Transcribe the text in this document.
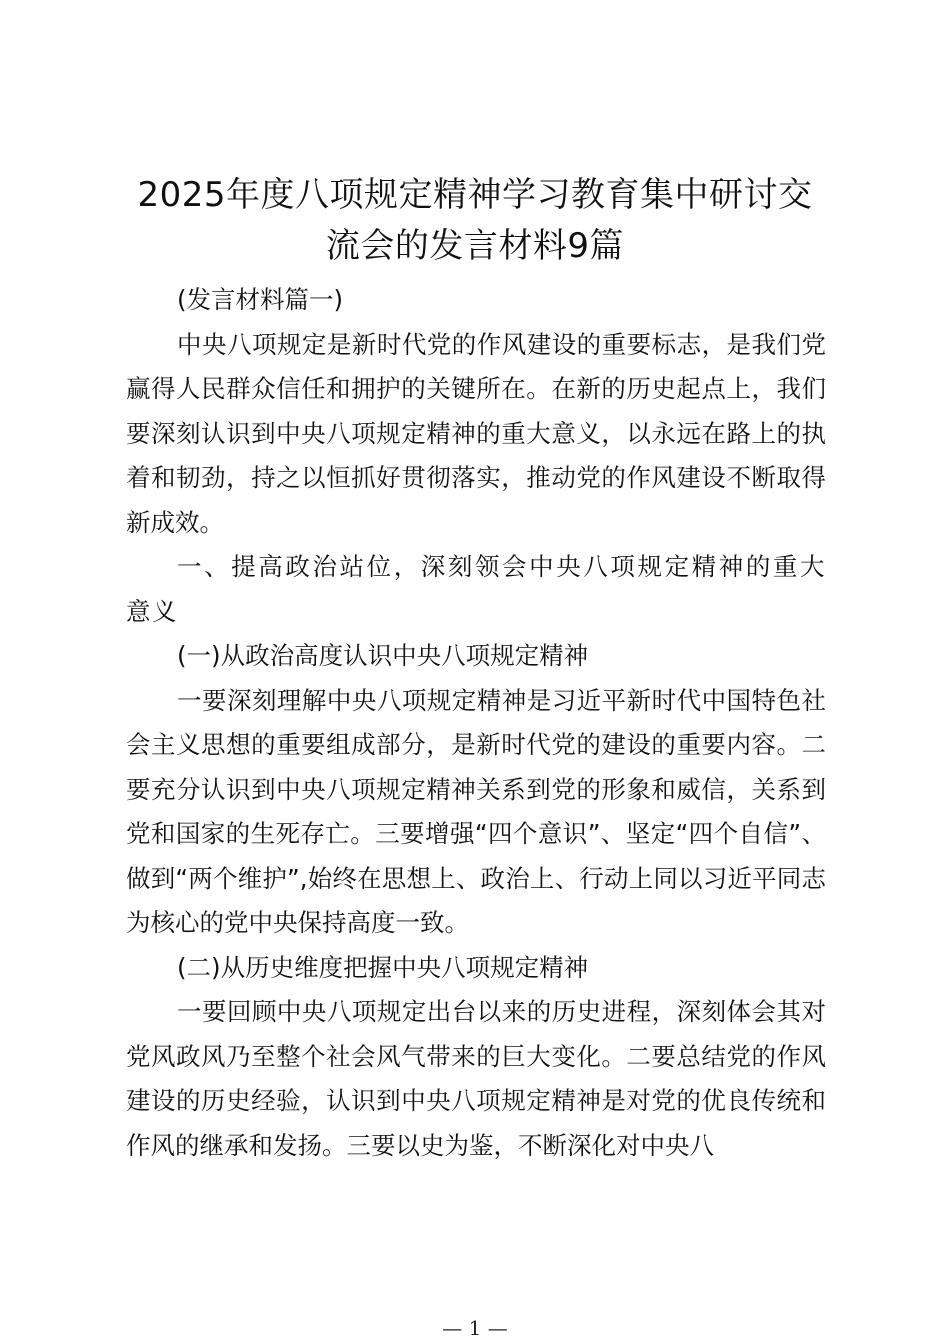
2025年度八项规定精神学习教育集中研讨交
流会的发言材料9篇

(发言材料篇一)

中央八项规定是新时代党的作风建设的重要标志，是我们党赢得人民群众信任和拥护的关键所在。在新的历史起点上，我们要深刻认识到中央八项规定精神的重大意义，以永远在路上的执着和韧劲，持之以恒抓好贯彻落实，推动党的作风建设不断取得新成效。

一、提高政治站位，深刻领会中央八项规定精神的重大意义

(一)从政治高度认识中央八项规定精神

一要深刻理解中央八项规定精神是习近平新时代中国特色社会主义思想的重要组成部分，是新时代党的建设的重要内容。二要充分认识到中央八项规定精神关系到党的形象和威信，关系到党和国家的生死存亡。三要增强“四个意识”、坚定“四个自信”、做到“两个维护”,始终在思想上、政治上、行动上同以习近平同志为核心的党中央保持高度一致。

(二)从历史维度把握中央八项规定精神

一要回顾中央八项规定出台以来的历史进程，深刻体会其对党风政风乃至整个社会风气带来的巨大变化。二要总结党的作风建设的历史经验，认识到中央八项规定精神是对党的优良传统和作风的继承和发扬。三要以史为鉴，不断深化对中央八

— 1 —
